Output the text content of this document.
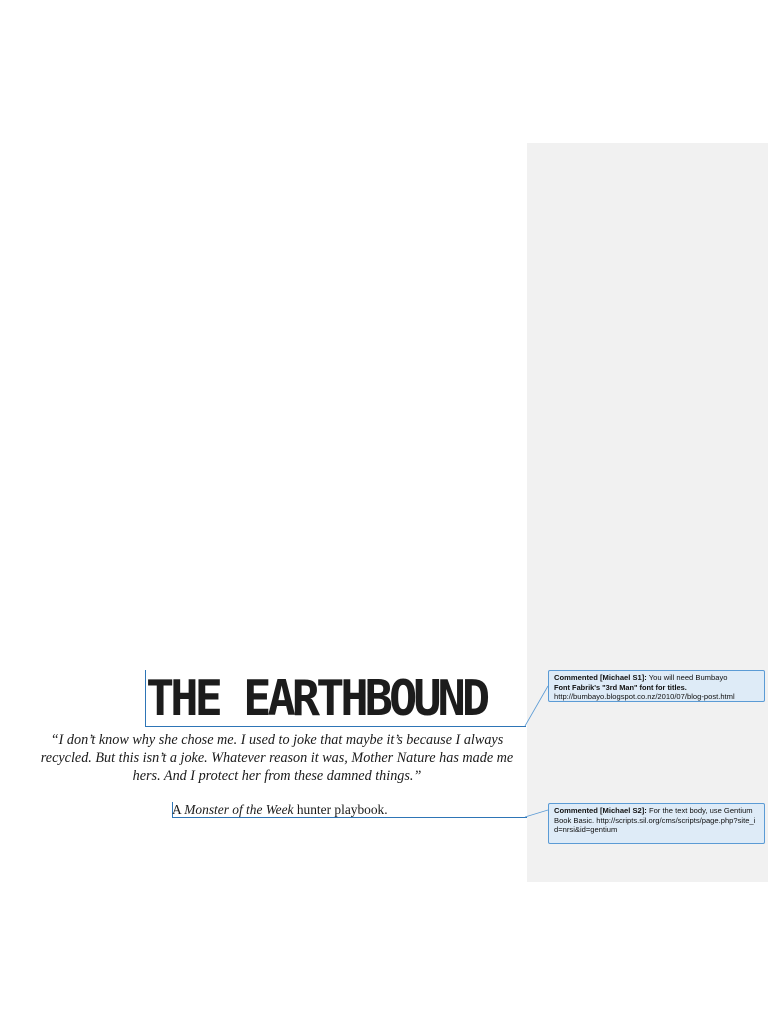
THE EARTHBOUND
“I don’t know why she chose me. I used to joke that maybe it’s because I always recycled. But this isn’t a joke. Whatever reason it was, Mother Nature has made me hers. And I protect her from these damned things.”
A Monster of the Week hunter playbook.
Commented [Michael S1]: You will need Bumbayo
Font Fabrik's "3rd Man" font for titles.
http://bumbayo.blogspot.co.nz/2010/07/blog-post.html
Commented [Michael S2]: For the text body, use Gentium Book Basic. http://scripts.sil.org/cms/scripts/page.php?site_id=nrsi&id=gentium
